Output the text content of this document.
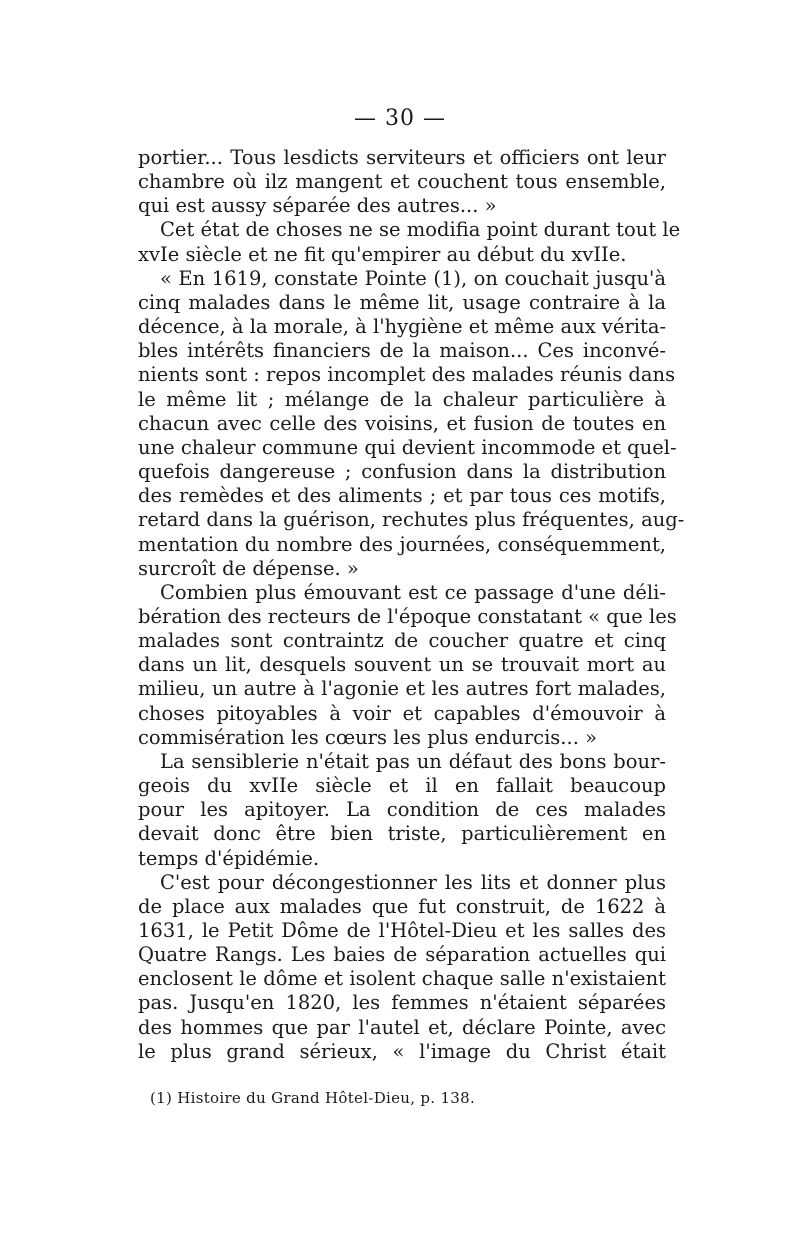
— 30 —
portier... Tous lesdicts serviteurs et officiers ont leur
chambre où ilz mangent et couchent tous ensemble,
qui est aussy séparée des autres... »
Cet état de choses ne se modifia point durant tout le
xvIe siècle et ne fit qu'empirer au début du xvIIe.
« En 1619, constate Pointe (1), on couchait jusqu'à
cinq malades dans le même lit, usage contraire à la
décence, à la morale, à l'hygiène et même aux vérita-
bles intérêts financiers de la maison... Ces inconvé-
nients sont : repos incomplet des malades réunis dans
le même lit ; mélange de la chaleur particulière à
chacun avec celle des voisins, et fusion de toutes en
une chaleur commune qui devient incommode et quel-
quefois dangereuse ; confusion dans la distribution
des remèdes et des aliments ; et par tous ces motifs,
retard dans la guérison, rechutes plus fréquentes, aug-
mentation du nombre des journées, conséquemment,
surcroît de dépense. »
Combien plus émouvant est ce passage d'une déli-
bération des recteurs de l'époque constatant « que les
malades sont contraintz de coucher quatre et cinq
dans un lit, desquels souvent un se trouvait mort au
milieu, un autre à l'agonie et les autres fort malades,
choses pitoyables à voir et capables d'émouvoir à
commisération les cœurs les plus endurcis... »
La sensiblerie n'était pas un défaut des bons bour-
geois du xvIIe siècle et il en fallait beaucoup
pour les apitoyer. La condition de ces malades
devait donc être bien triste, particulièrement en
temps d'épidémie.
C'est pour décongestionner les lits et donner plus
de place aux malades que fut construit, de 1622 à
1631, le Petit Dôme de l'Hôtel-Dieu et les salles des
Quatre Rangs. Les baies de séparation actuelles qui
enclosent le dôme et isolent chaque salle n'existaient
pas. Jusqu'en 1820, les femmes n'étaient séparées
des hommes que par l'autel et, déclare Pointe, avec
le plus grand sérieux, « l'image du Christ était
(1) Histoire du Grand Hôtel-Dieu, p. 138.
